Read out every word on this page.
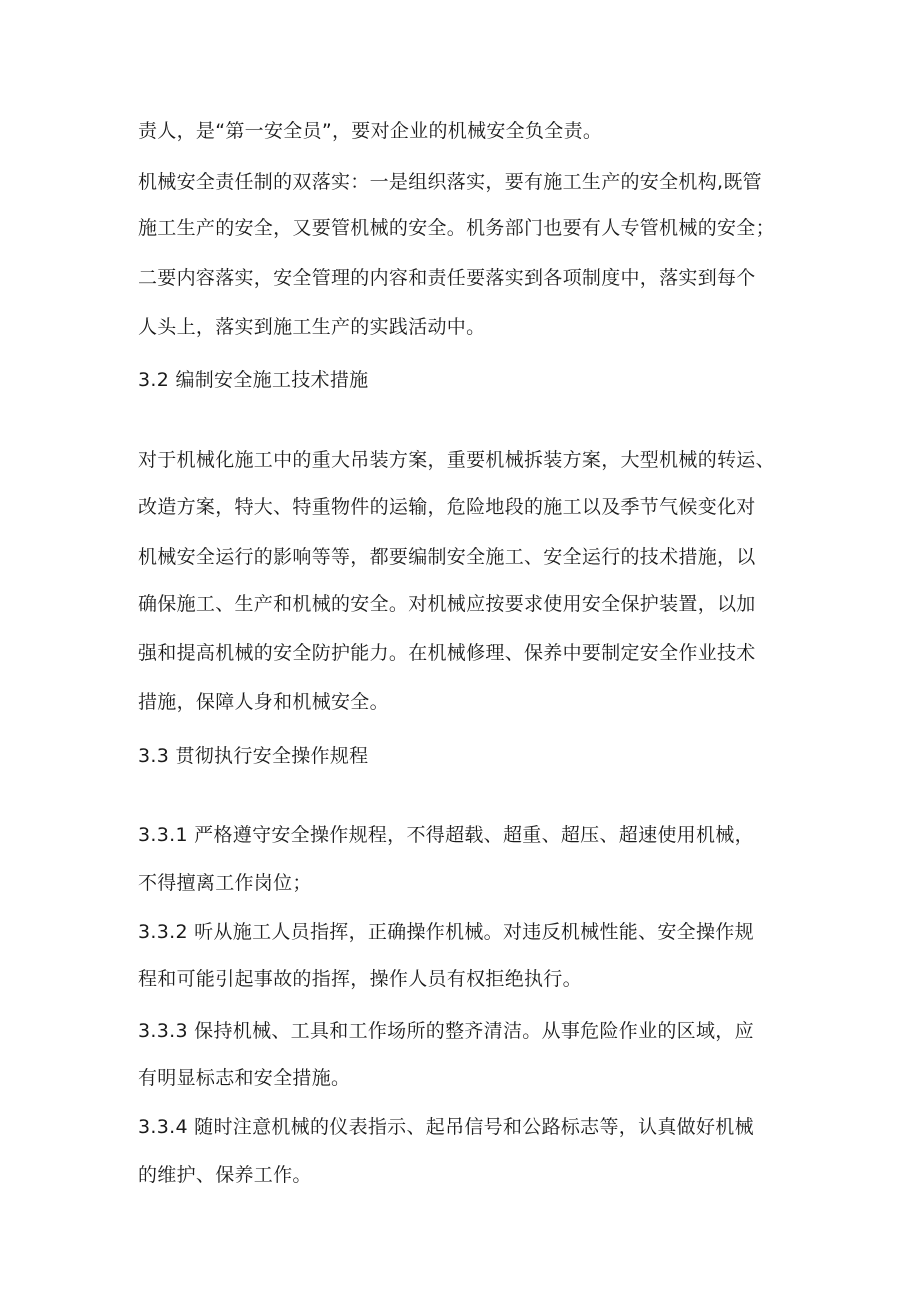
责人，是“第一安全员”，要对企业的机械安全负全责。
机械安全责任制的双落实：一是组织落实，要有施工生产的安全机构,既管
施工生产的安全，又要管机械的安全。机务部门也要有人专管机械的安全；
二要内容落实，安全管理的内容和责任要落实到各项制度中，落实到每个
人头上，落实到施工生产的实践活动中。
3.2 编制安全施工技术措施
对于机械化施工中的重大吊装方案，重要机械拆装方案，大型机械的转运、
改造方案，特大、特重物件的运输，危险地段的施工以及季节气候变化对
机械安全运行的影响等等，都要编制安全施工、安全运行的技术措施，以
确保施工、生产和机械的安全。对机械应按要求使用安全保护装置，以加
强和提高机械的安全防护能力。在机械修理、保养中要制定安全作业技术
措施，保障人身和机械安全。
3.3 贯彻执行安全操作规程
3.3.1 严格遵守安全操作规程，不得超载、超重、超压、超速使用机械，
不得擅离工作岗位；
3.3.2 听从施工人员指挥，正确操作机械。对违反机械性能、安全操作规
程和可能引起事故的指挥，操作人员有权拒绝执行。
3.3.3 保持机械、工具和工作场所的整齐清洁。从事危险作业的区域，应
有明显标志和安全措施。
3.3.4 随时注意机械的仪表指示、起吊信号和公路标志等，认真做好机械
的维护、保养工作。
